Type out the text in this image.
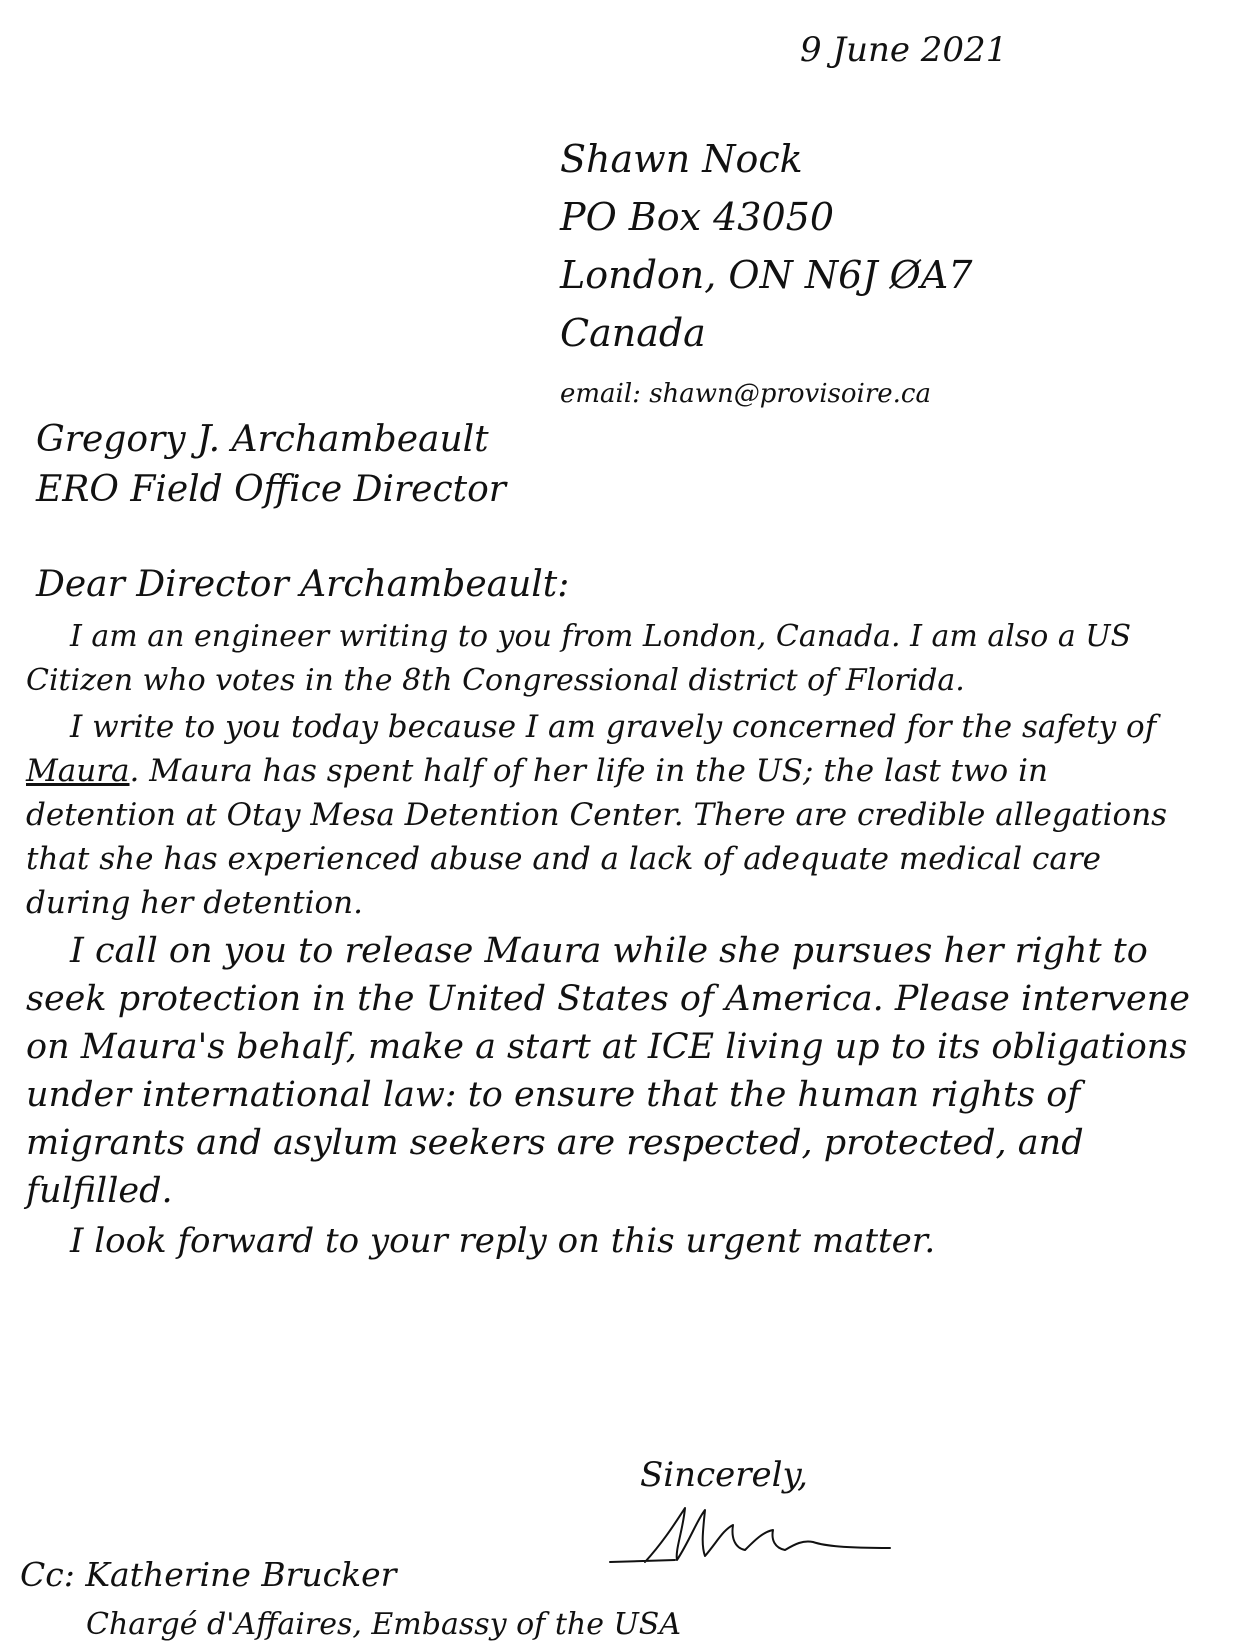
9 June 2021
Shawn Nock
PO Box 43050
London, ON N6J ØA7
Canada
email: shawn@provisoire.ca
Gregory J. Archambeault
ERO Field Office Director
Dear Director Archambeault:

I am an engineer writing to you from London, Canada. I am also a US Citizen who votes in the 8th Congressional district of Florida.

I write to you today because I am gravely concerned for the safety of Maura. Maura has spent half of her life in the US; the last two in detention at Otay Mesa Detention Center. There are credible allegations that she has experienced abuse and a lack of adequate medical care during her detention.

I call on you to release Maura while she pursues her right to seek protection in the United States of America. Please intervene on Maura's behalf, make a start at ICE living up to its obligations under international law: to ensure that the human rights of migrants and asylum seekers are respected, protected, and fulfilled.

I look forward to your reply on this urgent matter.

Sincerely,
Cc: Katherine Brucker
Chargé d'Affaires, Embassy of the USA
